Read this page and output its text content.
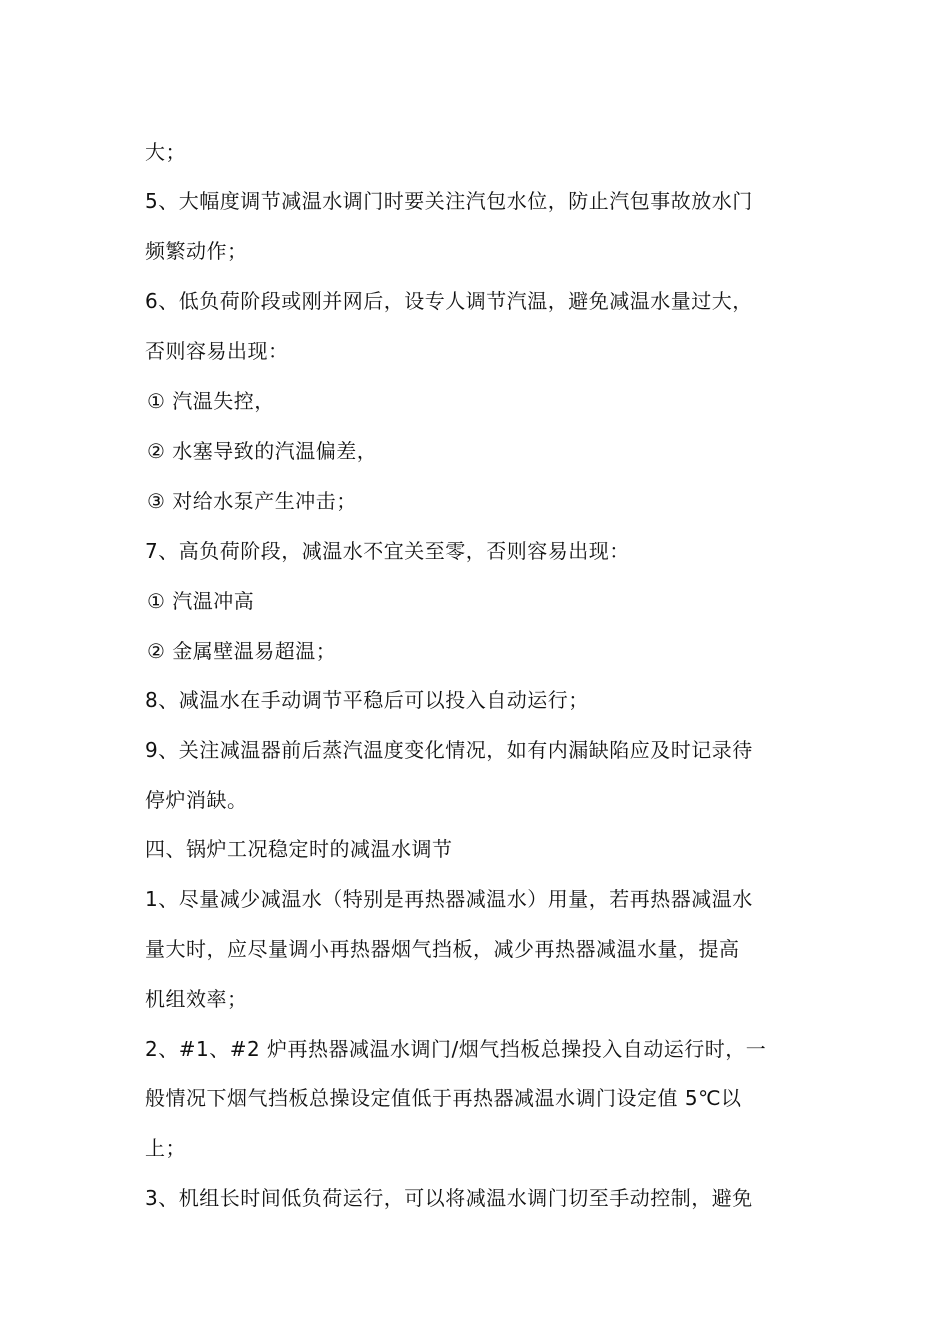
大；
5、大幅度调节减温水调门时要关注汽包水位，防止汽包事故放水门
频繁动作；
6、低负荷阶段或刚并网后，设专人调节汽温，避免减温水量过大，
否则容易出现：
① 汽温失控，
② 水塞导致的汽温偏差，
③ 对给水泵产生冲击；
7、高负荷阶段，减温水不宜关至零，否则容易出现：
① 汽温冲高
② 金属壁温易超温；
8、减温水在手动调节平稳后可以投入自动运行；
9、关注减温器前后蒸汽温度变化情况，如有内漏缺陷应及时记录待
停炉消缺。
四、锅炉工况稳定时的减温水调节
1、尽量减少减温水（特别是再热器减温水）用量，若再热器减温水
量大时，应尽量调小再热器烟气挡板，减少再热器减温水量，提高
机组效率；
2、#1、#2 炉再热器减温水调门/烟气挡板总操投入自动运行时，一
般情况下烟气挡板总操设定值低于再热器减温水调门设定值 5℃以
上；
3、机组长时间低负荷运行，可以将减温水调门切至手动控制，避免
